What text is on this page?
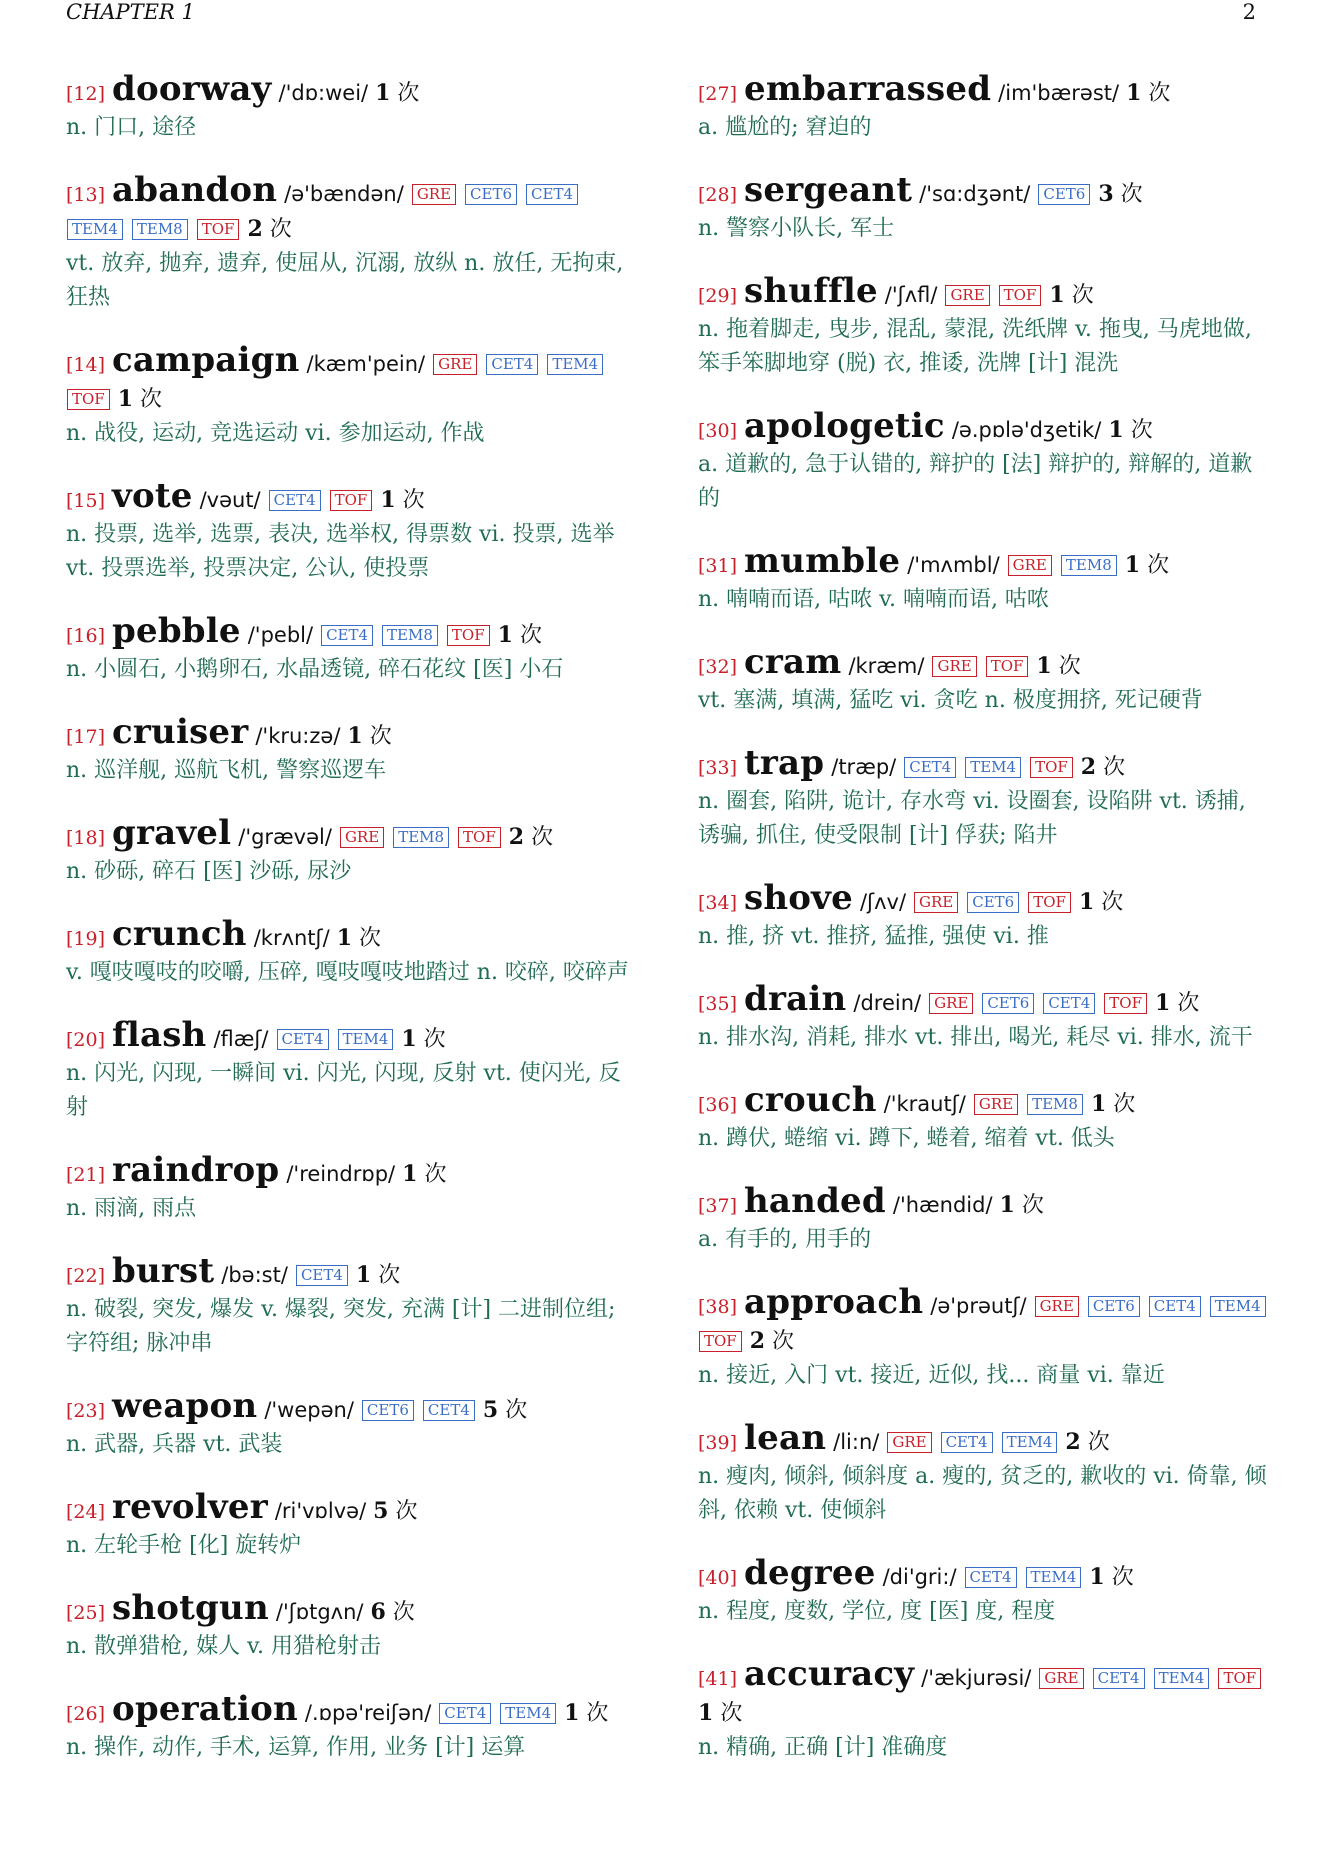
CHAPTER 1	2
[12] doorway /'dɒ:wei/ 1 次
n. 门口, 途径
[13] abandon /ə'bændən/ GRE CET6 CET4 TEM4 TEM8 TOF 2 次
vt. 放弃, 抛弃, 遗弃, 使屈从, 沉溺, 放纵 n. 放任, 无拘束, 狂热
[14] campaign /kæm'pein/ GRE CET4 TEM4 TOF 1 次
n. 战役, 运动, 竞选运动 vi. 参加运动, 作战
[15] vote /vəut/ CET4 TOF 1 次
n. 投票, 选举, 选票, 表决, 选举权, 得票数 vi. 投票, 选举 vt. 投票选举, 投票决定, 公认, 使投票
[16] pebble /'pebl/ CET4 TEM8 TOF 1 次
n. 小圆石, 小鹅卵石, 水晶透镜, 碎石花纹 [医] 小石
[17] cruiser /'kru:zə/ 1 次
n. 巡洋舰, 巡航飞机, 警察巡逻车
[18] gravel /'grævəl/ GRE TEM8 TOF 2 次
n. 砂砾, 碎石 [医] 沙砾, 尿沙
[19] crunch /krʌntʃ/ 1 次
v. 嘎吱嘎吱的咬嚼, 压碎, 嘎吱嘎吱地踏过 n. 咬碎, 咬碎声
[20] flash /flæʃ/ CET4 TEM4 1 次
n. 闪光, 闪现, 一瞬间 vi. 闪光, 闪现, 反射 vt. 使闪光, 反射
[21] raindrop /'reindrɒp/ 1 次
n. 雨滴, 雨点
[22] burst /bə:st/ CET4 1 次
n. 破裂, 突发, 爆发 v. 爆裂, 突发, 充满 [计] 二进制位组; 字符组; 脉冲串
[23] weapon /'wepən/ CET6 CET4 5 次
n. 武器, 兵器 vt. 武装
[24] revolver /ri'vɒlvə/ 5 次
n. 左轮手枪 [化] 旋转炉
[25] shotgun /'ʃɒtgʌn/ 6 次
n. 散弹猎枪, 媒人 v. 用猎枪射击
[26] operation /.ɒpə'reiʃən/ CET4 TEM4 1 次
n. 操作, 动作, 手术, 运算, 作用, 业务 [计] 运算
[27] embarrassed /im'bærəst/ 1 次
a. 尴尬的; 窘迫的
[28] sergeant /'sɑ:dʒənt/ CET6 3 次
n. 警察小队长, 军士
[29] shuffle /'ʃʌfl/ GRE TOF 1 次
n. 拖着脚走, 曳步, 混乱, 蒙混, 洗纸牌 v. 拖曳, 马虎地做, 笨手笨脚地穿 (脱) 衣, 推诿, 洗牌 [计] 混洗
[30] apologetic /ə.pɒlə'dʒetik/ 1 次
a. 道歉的, 急于认错的, 辩护的 [法] 辩护的, 辩解的, 道歉的
[31] mumble /'mʌmbl/ GRE TEM8 1 次
n. 喃喃而语, 咕哝 v. 喃喃而语, 咕哝
[32] cram /kræm/ GRE TOF 1 次
vt. 塞满, 填满, 猛吃 vi. 贪吃 n. 极度拥挤, 死记硬背
[33] trap /træp/ CET4 TEM4 TOF 2 次
n. 圈套, 陷阱, 诡计, 存水弯 vi. 设圈套, 设陷阱 vt. 诱捕, 诱骗, 抓住, 使受限制 [计] 俘获; 陷井
[34] shove /ʃʌv/ GRE CET6 TOF 1 次
n. 推, 挤 vt. 推挤, 猛推, 强使 vi. 推
[35] drain /drein/ GRE CET6 CET4 TOF 1 次
n. 排水沟, 消耗, 排水 vt. 排出, 喝光, 耗尽 vi. 排水, 流干
[36] crouch /'krautʃ/ GRE TEM8 1 次
n. 蹲伏, 蜷缩 vi. 蹲下, 蜷着, 缩着 vt. 低头
[37] handed /'hændid/ 1 次
a. 有手的, 用手的
[38] approach /ə'prəutʃ/ GRE CET6 CET4 TEM4 TOF 2 次
n. 接近, 入门 vt. 接近, 近似, 找... 商量 vi. 靠近
[39] lean /li:n/ GRE CET4 TEM4 2 次
n. 瘦肉, 倾斜, 倾斜度 a. 瘦的, 贫乏的, 歉收的 vi. 倚靠, 倾斜, 依赖 vt. 使倾斜
[40] degree /di'gri:/ CET4 TEM4 1 次
n. 程度, 度数, 学位, 度 [医] 度, 程度
[41] accuracy /'ækjurəsi/ GRE CET4 TEM4 TOF 1 次
n. 精确, 正确 [计] 准确度
